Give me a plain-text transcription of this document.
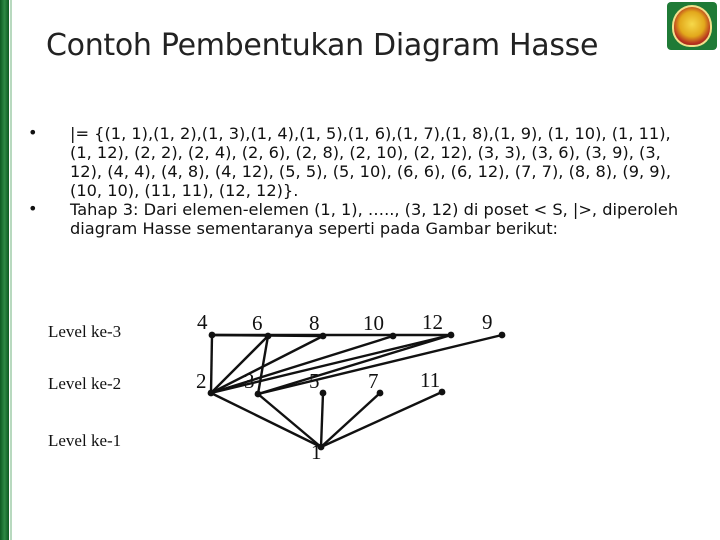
Contoh Pembentukan Diagram Hasse

• |= {(1, 1),(1, 2),(1, 3),(1, 4),(1, 5),(1, 6),(1, 7),(1, 8),(1, 9), (1, 10), (1, 11), (1, 12), (2, 2), (2, 4), (2, 6), (2, 8), (2, 10), (2, 12), (3, 3), (3, 6), (3, 9), (3, 12), (4, 4), (4, 8), (4, 12), (5, 5), (5, 10), (6, 6), (6, 12), (7, 7), (8, 8), (9, 9), (10, 10), (11, 11), (12, 12)}.

• Tahap 3: Dari elemen-elemen (1, 1), ….., (3, 12) di poset < S, |>, diperoleh diagram Hasse sementaranya seperti pada Gambar berikut:

Level ke-3
Level ke-2
Level ke-1
4 6 8 10 12 9
2 3	5 7 11
1
